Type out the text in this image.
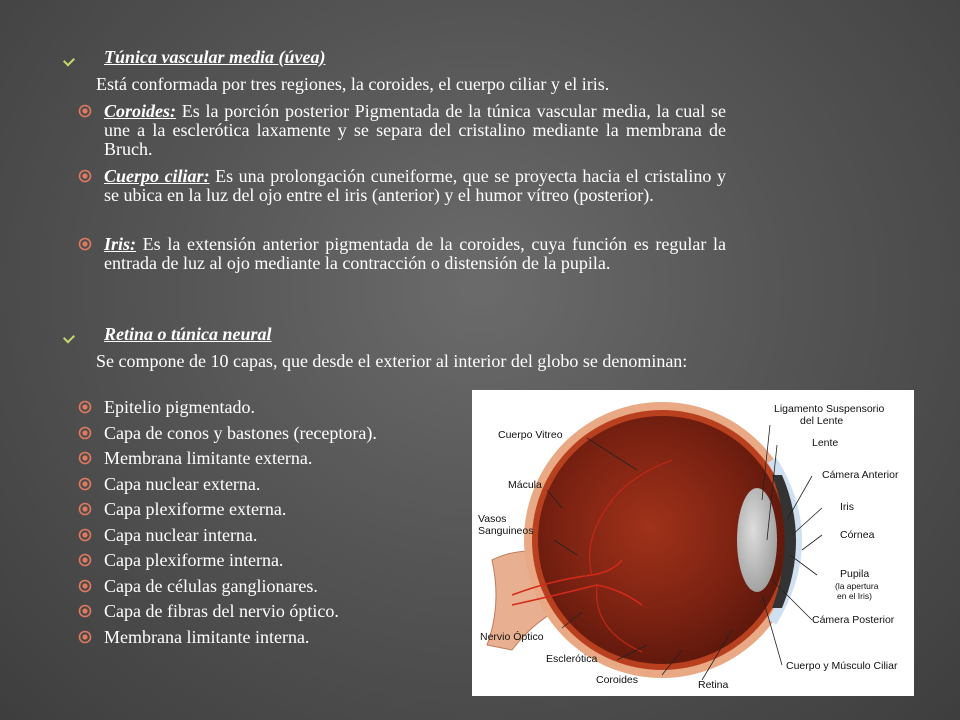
Túnica vascular media (úvea)
Está conformada por tres regiones, la coroides, el cuerpo ciliar y el iris.
Coroides: Es la porción posterior Pigmentada de la túnica vascular media, la cual se une a la esclerótica laxamente y se separa del cristalino mediante la membrana de Bruch.
Cuerpo ciliar: Es una prolongación cuneiforme, que se proyecta hacia el cristalino y se ubica en la luz del ojo entre el iris (anterior) y el humor vítreo (posterior).
Iris: Es la extensión anterior pigmentada de la coroides, cuya función es regular la entrada de luz al ojo mediante la contracción o distensión de la pupila.
Retina o túnica neural
Se compone de 10 capas, que desde el exterior al interior del globo se denominan:
Epitelio pigmentado.
Capa de conos y bastones (receptora).
Membrana limitante externa.
Capa nuclear externa.
Capa plexiforme externa.
Capa nuclear interna.
Capa plexiforme interna.
Capa de células ganglionares.
Capa de fibras del nervio óptico.
Membrana limitante interna.
Ligamento Suspensorio
del Lente
Lente
Cámera Anterior
Iris
Córnea
Pupila
(la apertura
en el Iris)
Cámera Posterior
Cuerpo y Músculo Ciliar
Retina
Coroides
Esclerótica
Nervio Óptico
Vasos
Sanguineos
Mácula
Cuerpo Vitreo
